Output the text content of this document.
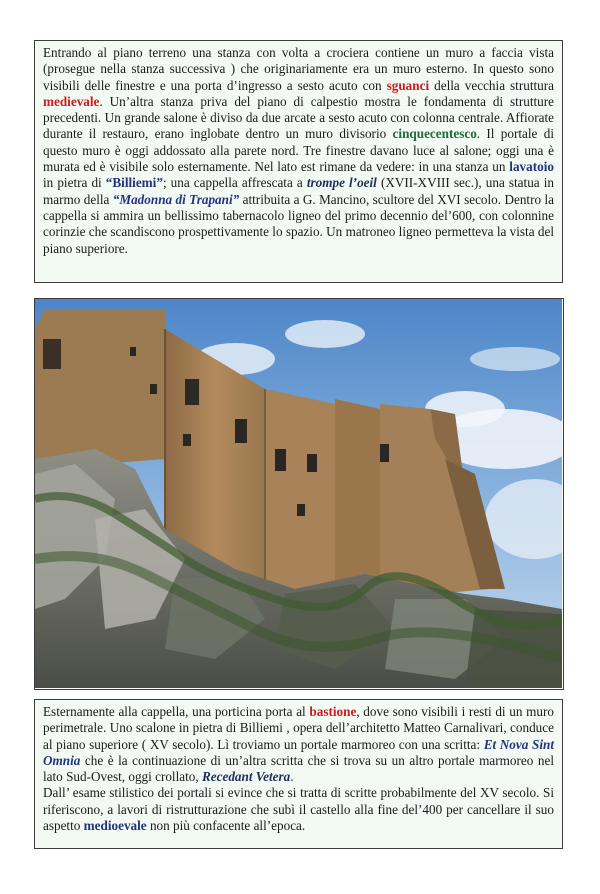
Entrando al piano terreno una stanza con volta a crociera contiene un muro a faccia vista (prosegue nella stanza successiva ) che originariamente era un muro esterno. In questo sono visibili delle finestre e una porta d’ingresso a sesto acuto con sguanci della vecchia struttura medievale. Un’altra stanza priva del piano di calpestio mostra le fondamenta di strutture precedenti. Un grande salone è diviso da due arcate a sesto acuto con colonna centrale. Affiorate durante il restauro, erano inglobate dentro un muro divisorio cinquecentesco. Il portale di questo muro è oggi addossato alla parete nord. Tre finestre davano luce al salone; oggi una è murata ed è visibile solo esternamente. Nel lato est rimane da vedere: in una stanza un lavatoio in pietra di “Billiemi”; una cappella affrescata a trompe l’oeil (XVII-XVIII sec.), una statua in marmo della “Madonna di Trapani” attribuita a G. Mancino, scultore del XVI secolo. Dentro la cappella si ammira un bellissimo tabernacolo ligneo del primo decennio del’600, con colonnine corinzie che scandiscono prospettivamente lo spazio. Un matroneo ligneo permetteva la vista del piano superiore.
Esternamente alla cappella, una porticina porta al bastione, dove sono visibili i resti di un muro perimetrale. Uno scalone in pietra di Billiemi , opera dell’architetto Matteo Carnalivari, conduce al piano superiore ( XV secolo). Lì troviamo un portale marmoreo con una scritta: Et Nova Sint Omnia che è la continuazione di un’altra scritta che si trova su un altro portale marmoreo nel lato Sud-Ovest, oggi crollato, Recedant Vetera.
Dall’ esame stilistico dei portali si evince che si tratta di scritte probabilmente del XV secolo. Si riferiscono, a lavori di ristrutturazione che subì il castello alla fine del’400 per cancellare il suo aspetto medioevale non più confacente all’epoca.
